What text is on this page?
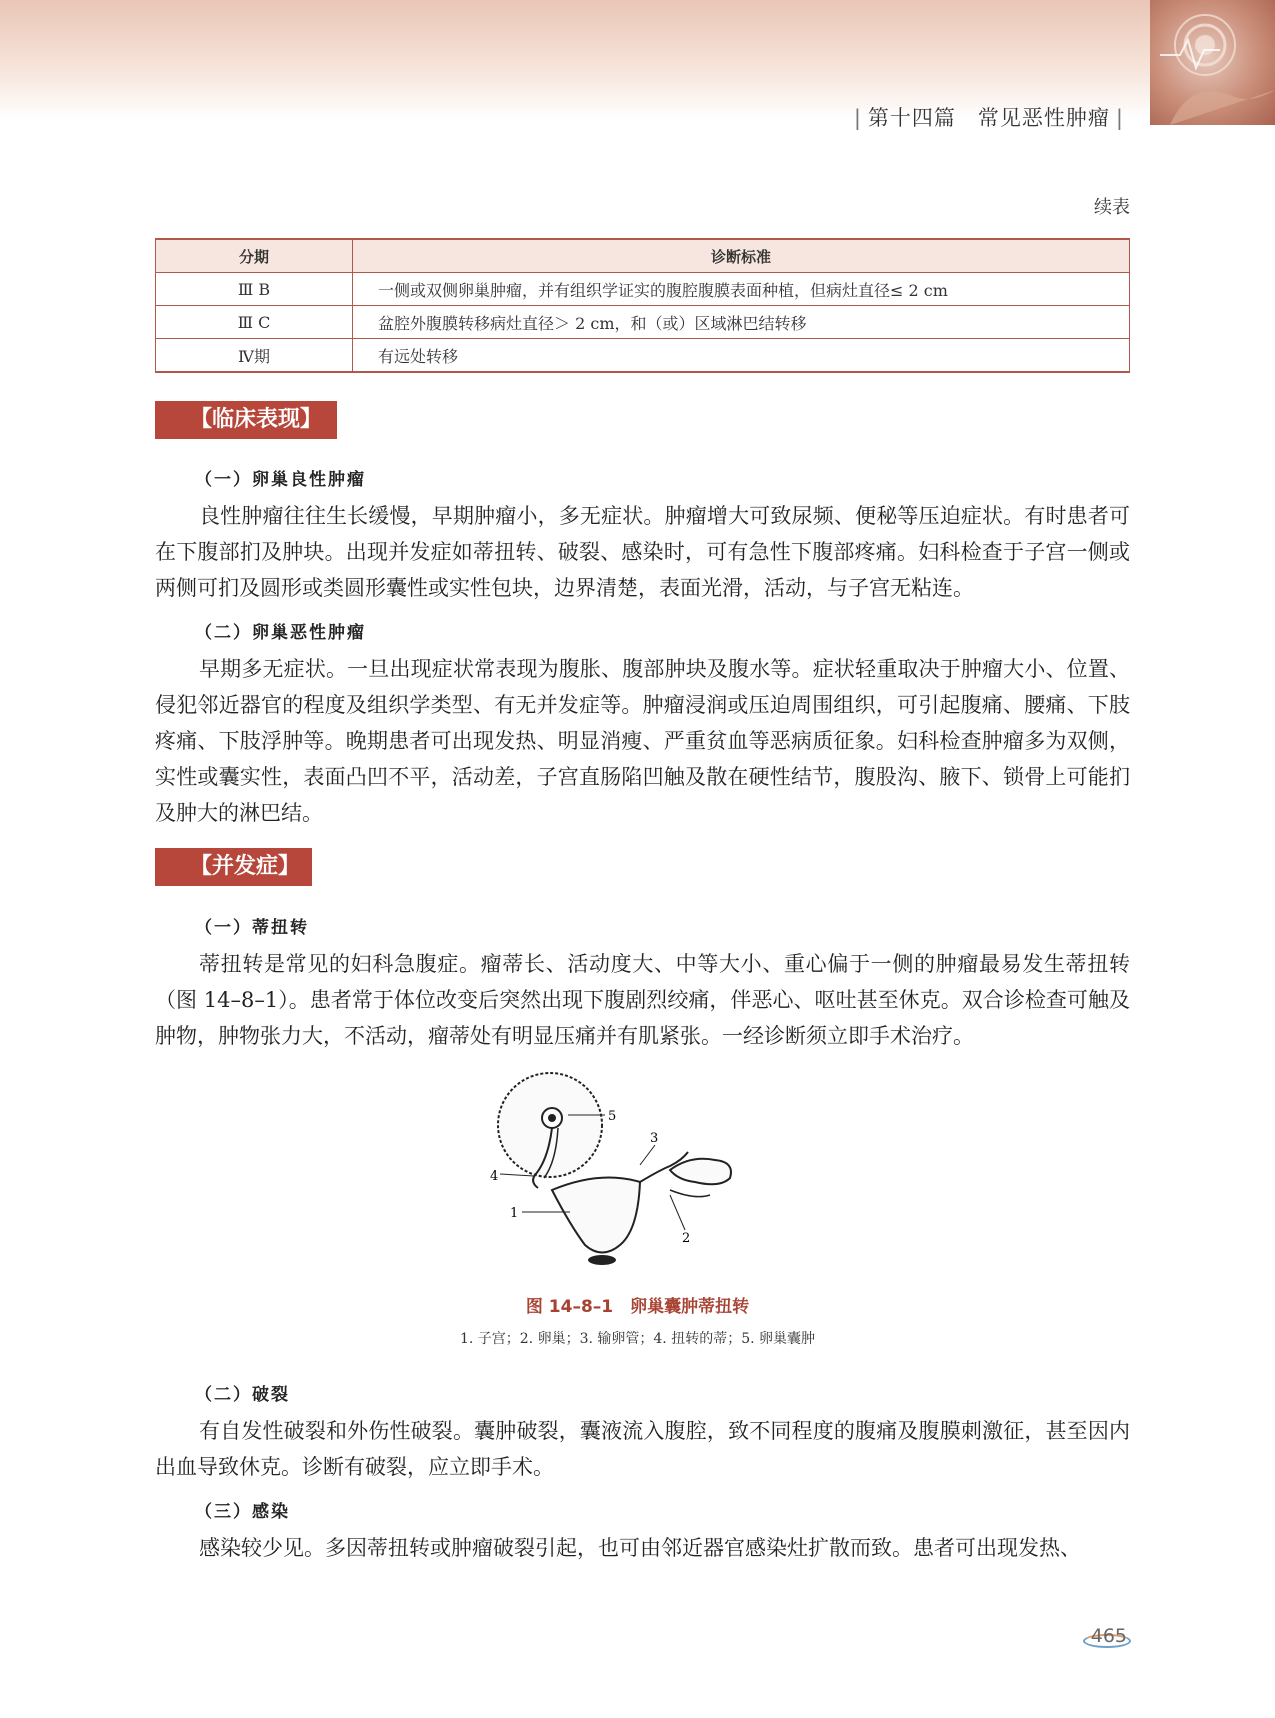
| 第十四篇　常见恶性肿瘤 |
续表
分期	诊断标准
Ⅲ B	一侧或双侧卵巢肿瘤，并有组织学证实的腹腔腹膜表面种植，但病灶直径≤ 2 cm
Ⅲ C	盆腔外腹膜转移病灶直径＞ 2 cm，和（或）区域淋巴结转移
Ⅳ期	有远处转移
【临床表现】
（一）卵巢良性肿瘤

良性肿瘤往往生长缓慢，早期肿瘤小，多无症状。肿瘤增大可致尿频、便秘等压迫症状。有时患者可在下腹部扪及肿块。出现并发症如蒂扭转、破裂、感染时，可有急性下腹部疼痛。妇科检查于子宫一侧或两侧可扪及圆形或类圆形囊性或实性包块，边界清楚，表面光滑，活动，与子宫无粘连。

（二）卵巢恶性肿瘤

早期多无症状。一旦出现症状常表现为腹胀、腹部肿块及腹水等。症状轻重取决于肿瘤大小、位置、侵犯邻近器官的程度及组织学类型、有无并发症等。肿瘤浸润或压迫周围组织，可引起腹痛、腰痛、下肢疼痛、下肢浮肿等。晚期患者可出现发热、明显消瘦、严重贫血等恶病质征象。妇科检查肿瘤多为双侧，实性或囊实性，表面凸凹不平，活动差，子宫直肠陷凹触及散在硬性结节，腹股沟、腋下、锁骨上可能扪及肿大的淋巴结。

【并发症】
（一）蒂扭转

蒂扭转是常见的妇科急腹症。瘤蒂长、活动度大、中等大小、重心偏于一侧的肿瘤最易发生蒂扭转（图 14–8–1）。患者常于体位改变后突然出现下腹剧烈绞痛，伴恶心、呕吐甚至休克。双合诊检查可触及肿物，肿物张力大，不活动，瘤蒂处有明显压痛并有肌紧张。一经诊断须立即手术治疗。

5
3
4
1
2
图 14–8–1　卵巢囊肿蒂扭转
1. 子宫；2. 卵巢；3. 输卵管；4. 扭转的蒂；5. 卵巢囊肿
（二）破裂

有自发性破裂和外伤性破裂。囊肿破裂，囊液流入腹腔，致不同程度的腹痛及腹膜刺激征，甚至因内出血导致休克。诊断有破裂，应立即手术。

（三）感染

感染较少见。多因蒂扭转或肿瘤破裂引起，也可由邻近器官感染灶扩散而致。患者可出现发热、

465
